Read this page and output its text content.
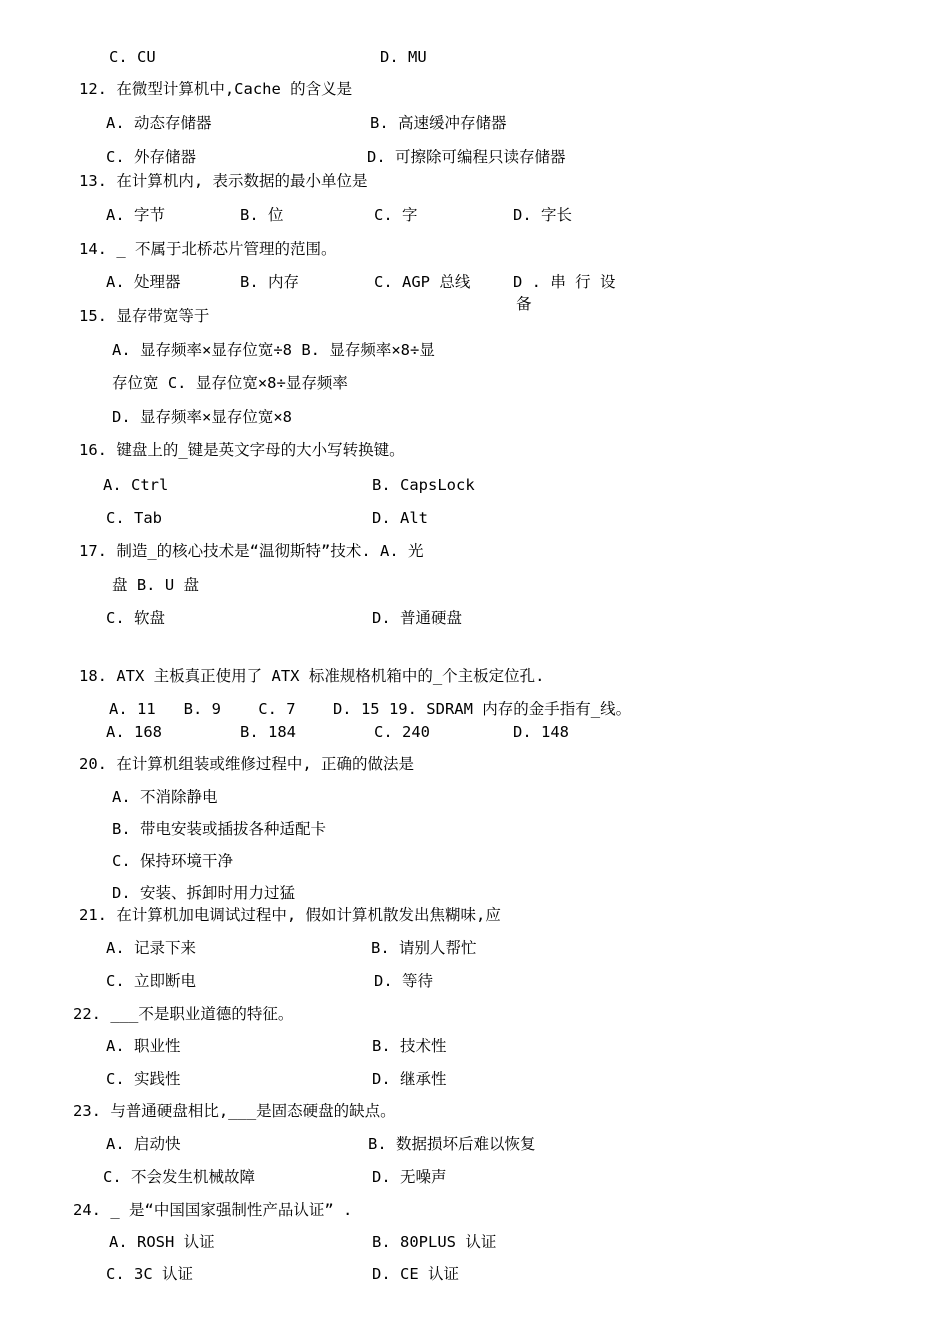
C. CU	D. MU
12. 在微型计算机中,Cache 的含义是
A. 动态存储器	B. 高速缓冲存储器
C. 外存储器	D. 可擦除可编程只读存储器
13. 在计算机内, 表示数据的最小单位是
A. 字节	B. 位	C. 字	D. 字长
14. _ 不属于北桥芯片管理的范围。
A. 处理器	B. 内存	C. AGP 总线	D . 串 行 设
备
15. 显存带宽等于
A. 显存频率×显存位宽÷8 B. 显存频率×8÷显
存位宽 C. 显存位宽×8÷显存频率
D. 显存频率×显存位宽×8
16. 键盘上的_键是英文字母的大小写转换键。
A. Ctrl	B. CapsLock
C. Tab	D. Alt
17. 制造_的核心技术是“温彻斯特”技术. A. 光
盘 B. U 盘
C. 软盘	D. 普通硬盘
18. ATX 主板真正使用了 ATX 标准规格机箱中的_个主板定位孔.
A. 11   B. 9    C. 7    D. 15 19. SDRAM 内存的金手指有_线。
A. 168	B. 184	C. 240	D. 148
20. 在计算机组装或维修过程中, 正确的做法是
A. 不消除静电
B. 带电安装或插拔各种适配卡
C. 保持环境干净
D. 安装、拆卸时用力过猛
21. 在计算机加电调试过程中, 假如计算机散发出焦糊味,应
A. 记录下来	B. 请别人帮忙
C. 立即断电	D. 等待
22. ___不是职业道德的特征。
A. 职业性	B. 技术性
C. 实践性	D. 继承性
23. 与普通硬盘相比,___是固态硬盘的缺点。
A. 启动快	B. 数据损坏后难以恢复
C. 不会发生机械故障	D. 无噪声
24. _ 是“中国国家强制性产品认证” .
A. ROSH 认证	B. 80PLUS 认证
C. 3C 认证	D. CE 认证
